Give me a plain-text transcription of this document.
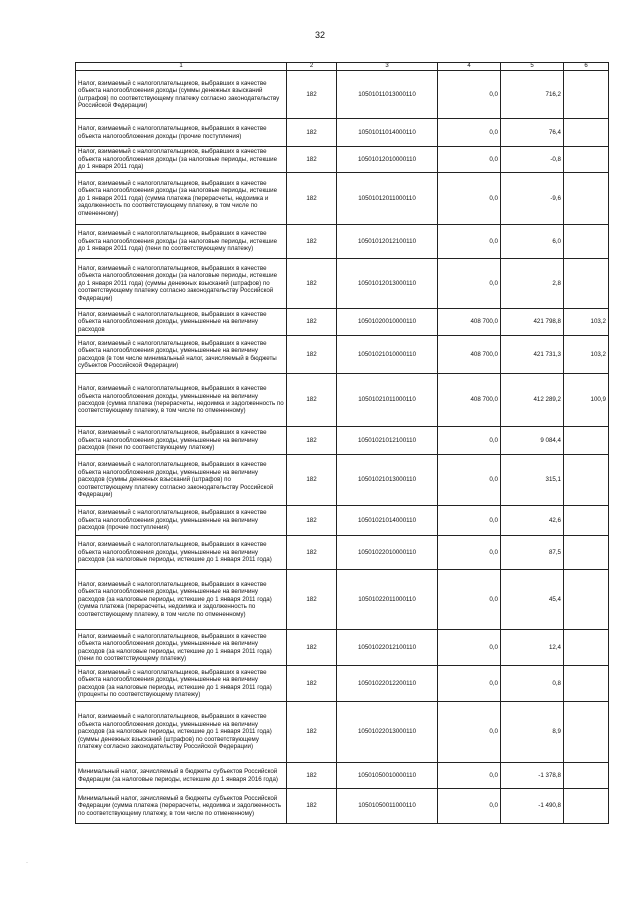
32
1	2	3	4	5	6
Налог, взимаемый с налогоплательщиков, выбравших в качестве объекта налогообложения доходы (суммы денежных взысканий (штрафов) по соответствующему платежу согласно законодательству Российской Федерации)	182	10501011013000110	0,0	716,2	
Налог, взимаемый с налогоплательщиков, выбравших в качестве объекта налогообложения доходы (прочие поступления)	182	10501011014000110	0,0	76,4	
Налог, взимаемый с налогоплательщиков, выбравших в качестве объекта налогообложения доходы (за налоговые периоды, истекшие до 1 января 2011 года)	182	10501012010000110	0,0	-0,8	
Налог, взимаемый с налогоплательщиков, выбравших в качестве объекта налогообложения доходы (за налоговые периоды, истекшие до 1 января 2011 года) (сумма платежа (перерасчеты, недоимка и задолженность по соответствующему платежу, в том числе по отмененному)	182	10501012011000110	0,0	-9,6	
Налог, взимаемый с налогоплательщиков, выбравших в качестве объекта налогообложения доходы (за налоговые периоды, истекшие до 1 января 2011 года) (пени по соответствующему платежу)	182	10501012012100110	0,0	6,0	
Налог, взимаемый с налогоплательщиков, выбравших в качестве объекта налогообложения доходы (за налоговые периоды, истекшие до 1 января 2011 года) (суммы денежных взысканий (штрафов) по соответствующему платежу согласно законодательству Российской Федерации)	182	10501012013000110	0,0	2,8	
Налог, взимаемый с налогоплательщиков, выбравших в качестве объекта налогообложения доходы, уменьшенные на величину расходов	182	10501020010000110	408 700,0	421 798,8	103,2
Налог, взимаемый с налогоплательщиков, выбравших в качестве объекта налогообложения доходы, уменьшенные на величину расходов (в том числе минимальный налог, зачисляемый в бюджеты субъектов Российской Федерации)	182	10501021010000110	408 700,0	421 731,3	103,2
Налог, взимаемый с налогоплательщиков, выбравших в качестве объекта налогообложения доходы, уменьшенные на величину расходов (сумма платежа (перерасчеты, недоимка и задолженность по соответствующему платежу, в том числе по отмененному)	182	10501021011000110	408 700,0	412 289,2	100,9
Налог, взимаемый с налогоплательщиков, выбравших в качестве объекта налогообложения доходы, уменьшенные на величину расходов (пени по соответствующему платежу)	182	10501021012100110	0,0	9 084,4	
Налог, взимаемый с налогоплательщиков, выбравших в качестве объекта налогообложения доходы, уменьшенные на величину расходов (суммы денежных взысканий (штрафов) по соответствующему платежу согласно законодательству Российской Федерации)	182	10501021013000110	0,0	315,1	
Налог, взимаемый с налогоплательщиков, выбравших в качестве объекта налогообложения доходы, уменьшенные на величину расходов (прочие поступления)	182	10501021014000110	0,0	42,6	
Налог, взимаемый с налогоплательщиков, выбравших в качестве объекта налогообложения доходы, уменьшенные на величину расходов (за налоговые периоды, истекшие до 1 января 2011 года)	182	10501022010000110	0,0	87,5	
Налог, взимаемый с налогоплательщиков, выбравших в качестве объекта налогообложения доходы, уменьшенные на величину расходов (за налоговые периоды, истекшие до 1 января 2011 года) (сумма платежа (перерасчеты, недоимка и задолженность по соответствующему платежу, в том числе по отмененному)	182	10501022011000110	0,0	45,4	
Налог, взимаемый с налогоплательщиков, выбравших в качестве объекта налогообложения доходы, уменьшенные на величину расходов (за налоговые периоды, истекшие до 1 января 2011 года) (пени по соответствующему платежу)	182	10501022012100110	0,0	12,4	
Налог, взимаемый с налогоплательщиков, выбравших в качестве объекта налогообложения доходы, уменьшенные на величину расходов (за налоговые периоды, истекшие до 1 января 2011 года) (проценты по соответствующему платежу)	182	10501022012200110	0,0	0,8	
Налог, взимаемый с налогоплательщиков, выбравших в качестве объекта налогообложения доходы, уменьшенные на величину расходов (за налоговые периоды, истекшие до 1 января 2011 года) (суммы денежных взысканий (штрафов) по соответствующему платежу согласно законодательству Российской Федерации)	182	10501022013000110	0,0	8,9	
Минимальный налог, зачисляемый в бюджеты субъектов Российской Федерации (за налоговые периоды, истекшие до 1 января 2016 года)	182	10501050010000110	0,0	-1 378,8	
Минимальный налог, зачисляемый в бюджеты субъектов Российской Федерации (сумма платежа (перерасчеты, недоимка и задолженность по соответствующему платежу, в том числе по отмененному)	182	10501050011000110	0,0	-1 490,8	
·
